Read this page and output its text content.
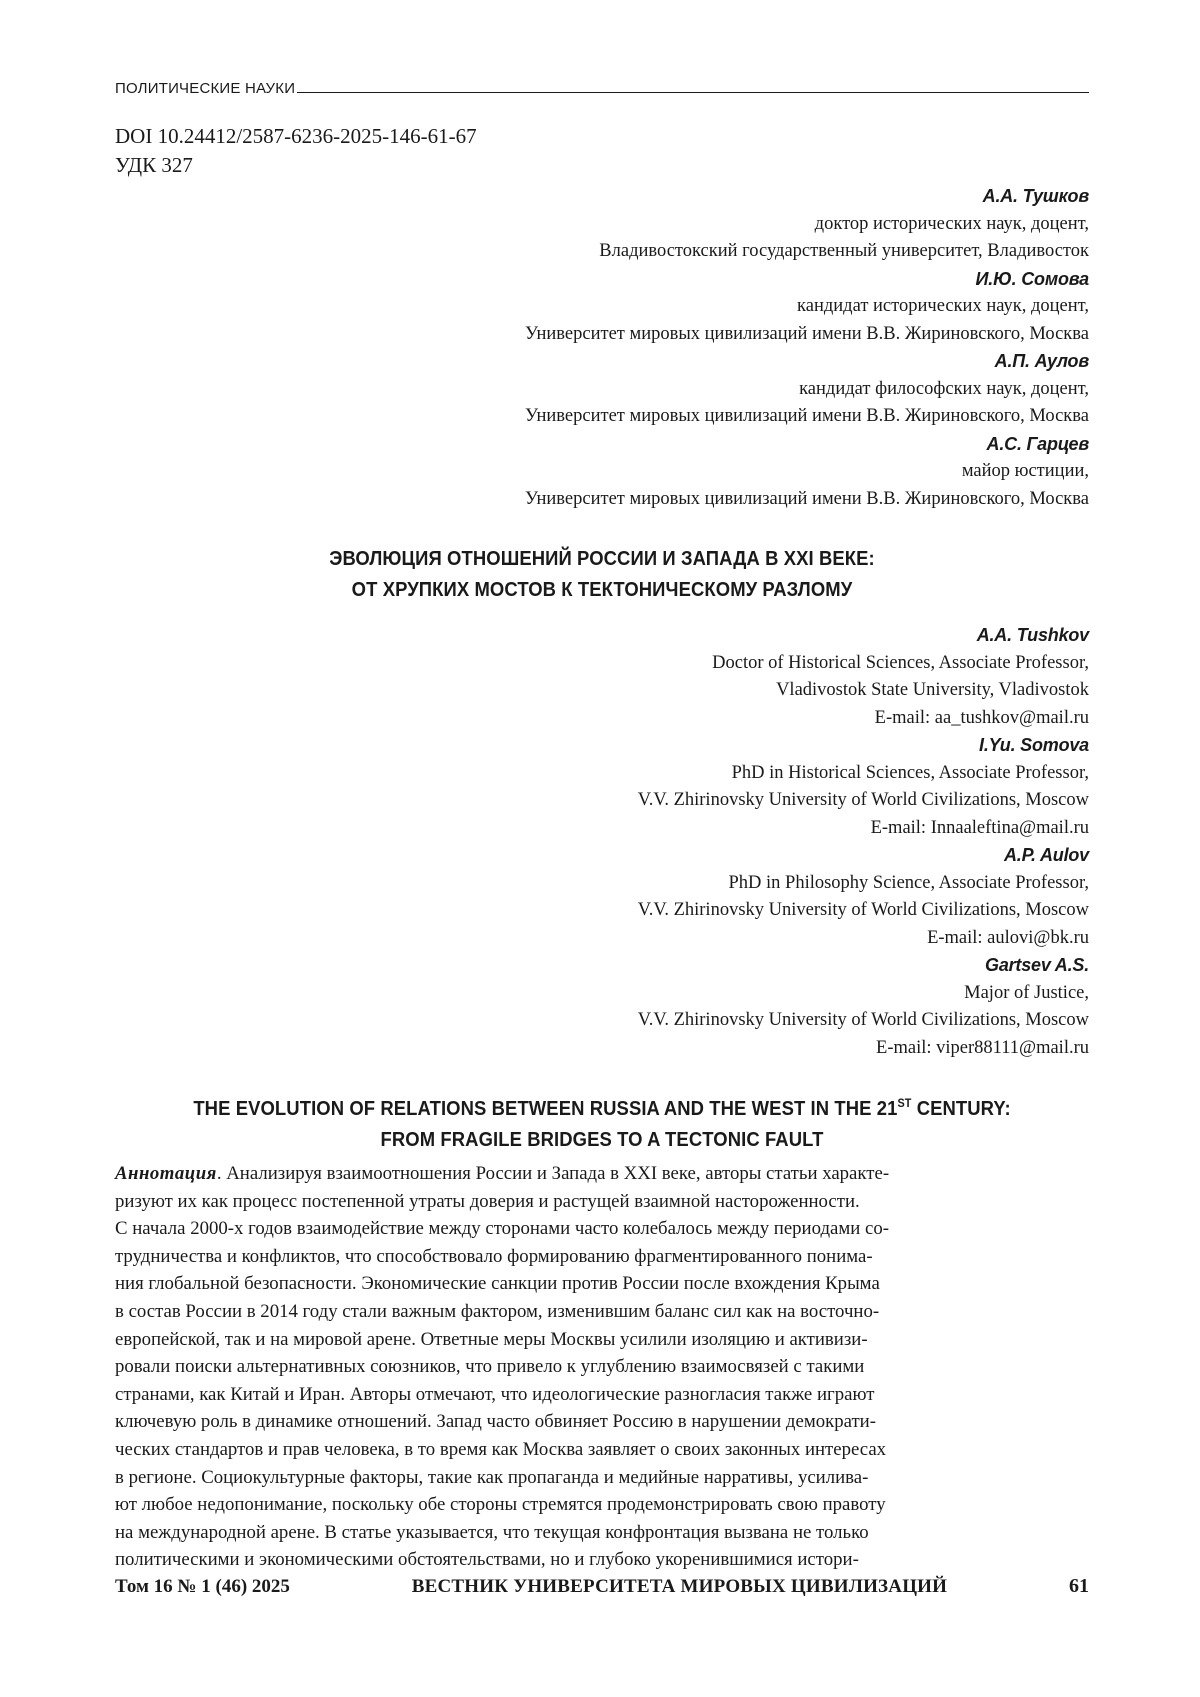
ПОЛИТИЧЕСКИЕ НАУКИ
DOI 10.24412/2587-6236-2025-146-61-67
УДК 327
А.А. Тушков
доктор исторических наук, доцент,
Владивостокский государственный университет, Владивосток
И.Ю. Сомова
кандидат исторических наук, доцент,
Университет мировых цивилизаций имени В.В. Жириновского, Москва
А.П. Аулов
кандидат философских наук, доцент,
Университет мировых цивилизаций имени В.В. Жириновского, Москва
А.С. Гарцев
майор юстиции,
Университет мировых цивилизаций имени В.В. Жириновского, Москва
ЭВОЛЮЦИЯ ОТНОШЕНИЙ РОССИИ И ЗАПАДА В XXI ВЕКЕ:
ОТ ХРУПКИХ МОСТОВ К ТЕКТОНИЧЕСКОМУ РАЗЛОМУ
A.A. Tushkov
Doctor of Historical Sciences, Associate Professor,
Vladivostok State University, Vladivostok
E-mail: aa_tushkov@mail.ru
I.Yu. Somova
PhD in Historical Sciences, Associate Professor,
V.V. Zhirinovsky University of World Civilizations, Moscow
E-mail: Innaaleftina@mail.ru
A.P. Aulov
PhD in Philosophy Science, Associate Professor,
V.V. Zhirinovsky University of World Civilizations, Moscow
E-mail: aulovi@bk.ru
Gartsev A.S.
Major of Justice,
V.V. Zhirinovsky University of World Civilizations, Moscow
E-mail: viper88111@mail.ru
THE EVOLUTION OF RELATIONS BETWEEN RUSSIA AND THE WEST IN THE 21ST CENTURY:
FROM FRAGILE BRIDGES TO A TECTONIC FAULT
Аннотация. Анализируя взаимоотношения России и Запада в XXI веке, авторы статьи характе-
ризуют их как процесс постепенной утраты доверия и растущей взаимной настороженности.
С начала 2000-х годов взаимодействие между сторонами часто колебалось между периодами со-
трудничества и конфликтов, что способствовало формированию фрагментированного понима-
ния глобальной безопасности. Экономические санкции против России после вхождения Крыма
в состав России в 2014 году стали важным фактором, изменившим баланс сил как на восточно-
европейской, так и на мировой арене. Ответные меры Москвы усилили изоляцию и активизи-
ровали поиски альтернативных союзников, что привело к углублению взаимосвязей с такими
странами, как Китай и Иран. Авторы отмечают, что идеологические разногласия также играют
ключевую роль в динамике отношений. Запад часто обвиняет Россию в нарушении демократи-
ческих стандартов и прав человека, в то время как Москва заявляет о своих законных интересах
в регионе. Социокультурные факторы, такие как пропаганда и медийные нарративы, усилива-
ют любое недопонимание, поскольку обе стороны стремятся продемонстрировать свою правоту
на международной арене. В статье указывается, что текущая конфронтация вызвана не только
политическими и экономическими обстоятельствами, но и глубоко укоренившимися истори-
Том 16 № 1 (46) 2025	ВЕСТНИК УНИВЕРСИТЕТА МИРОВЫХ ЦИВИЛИЗАЦИЙ	61
